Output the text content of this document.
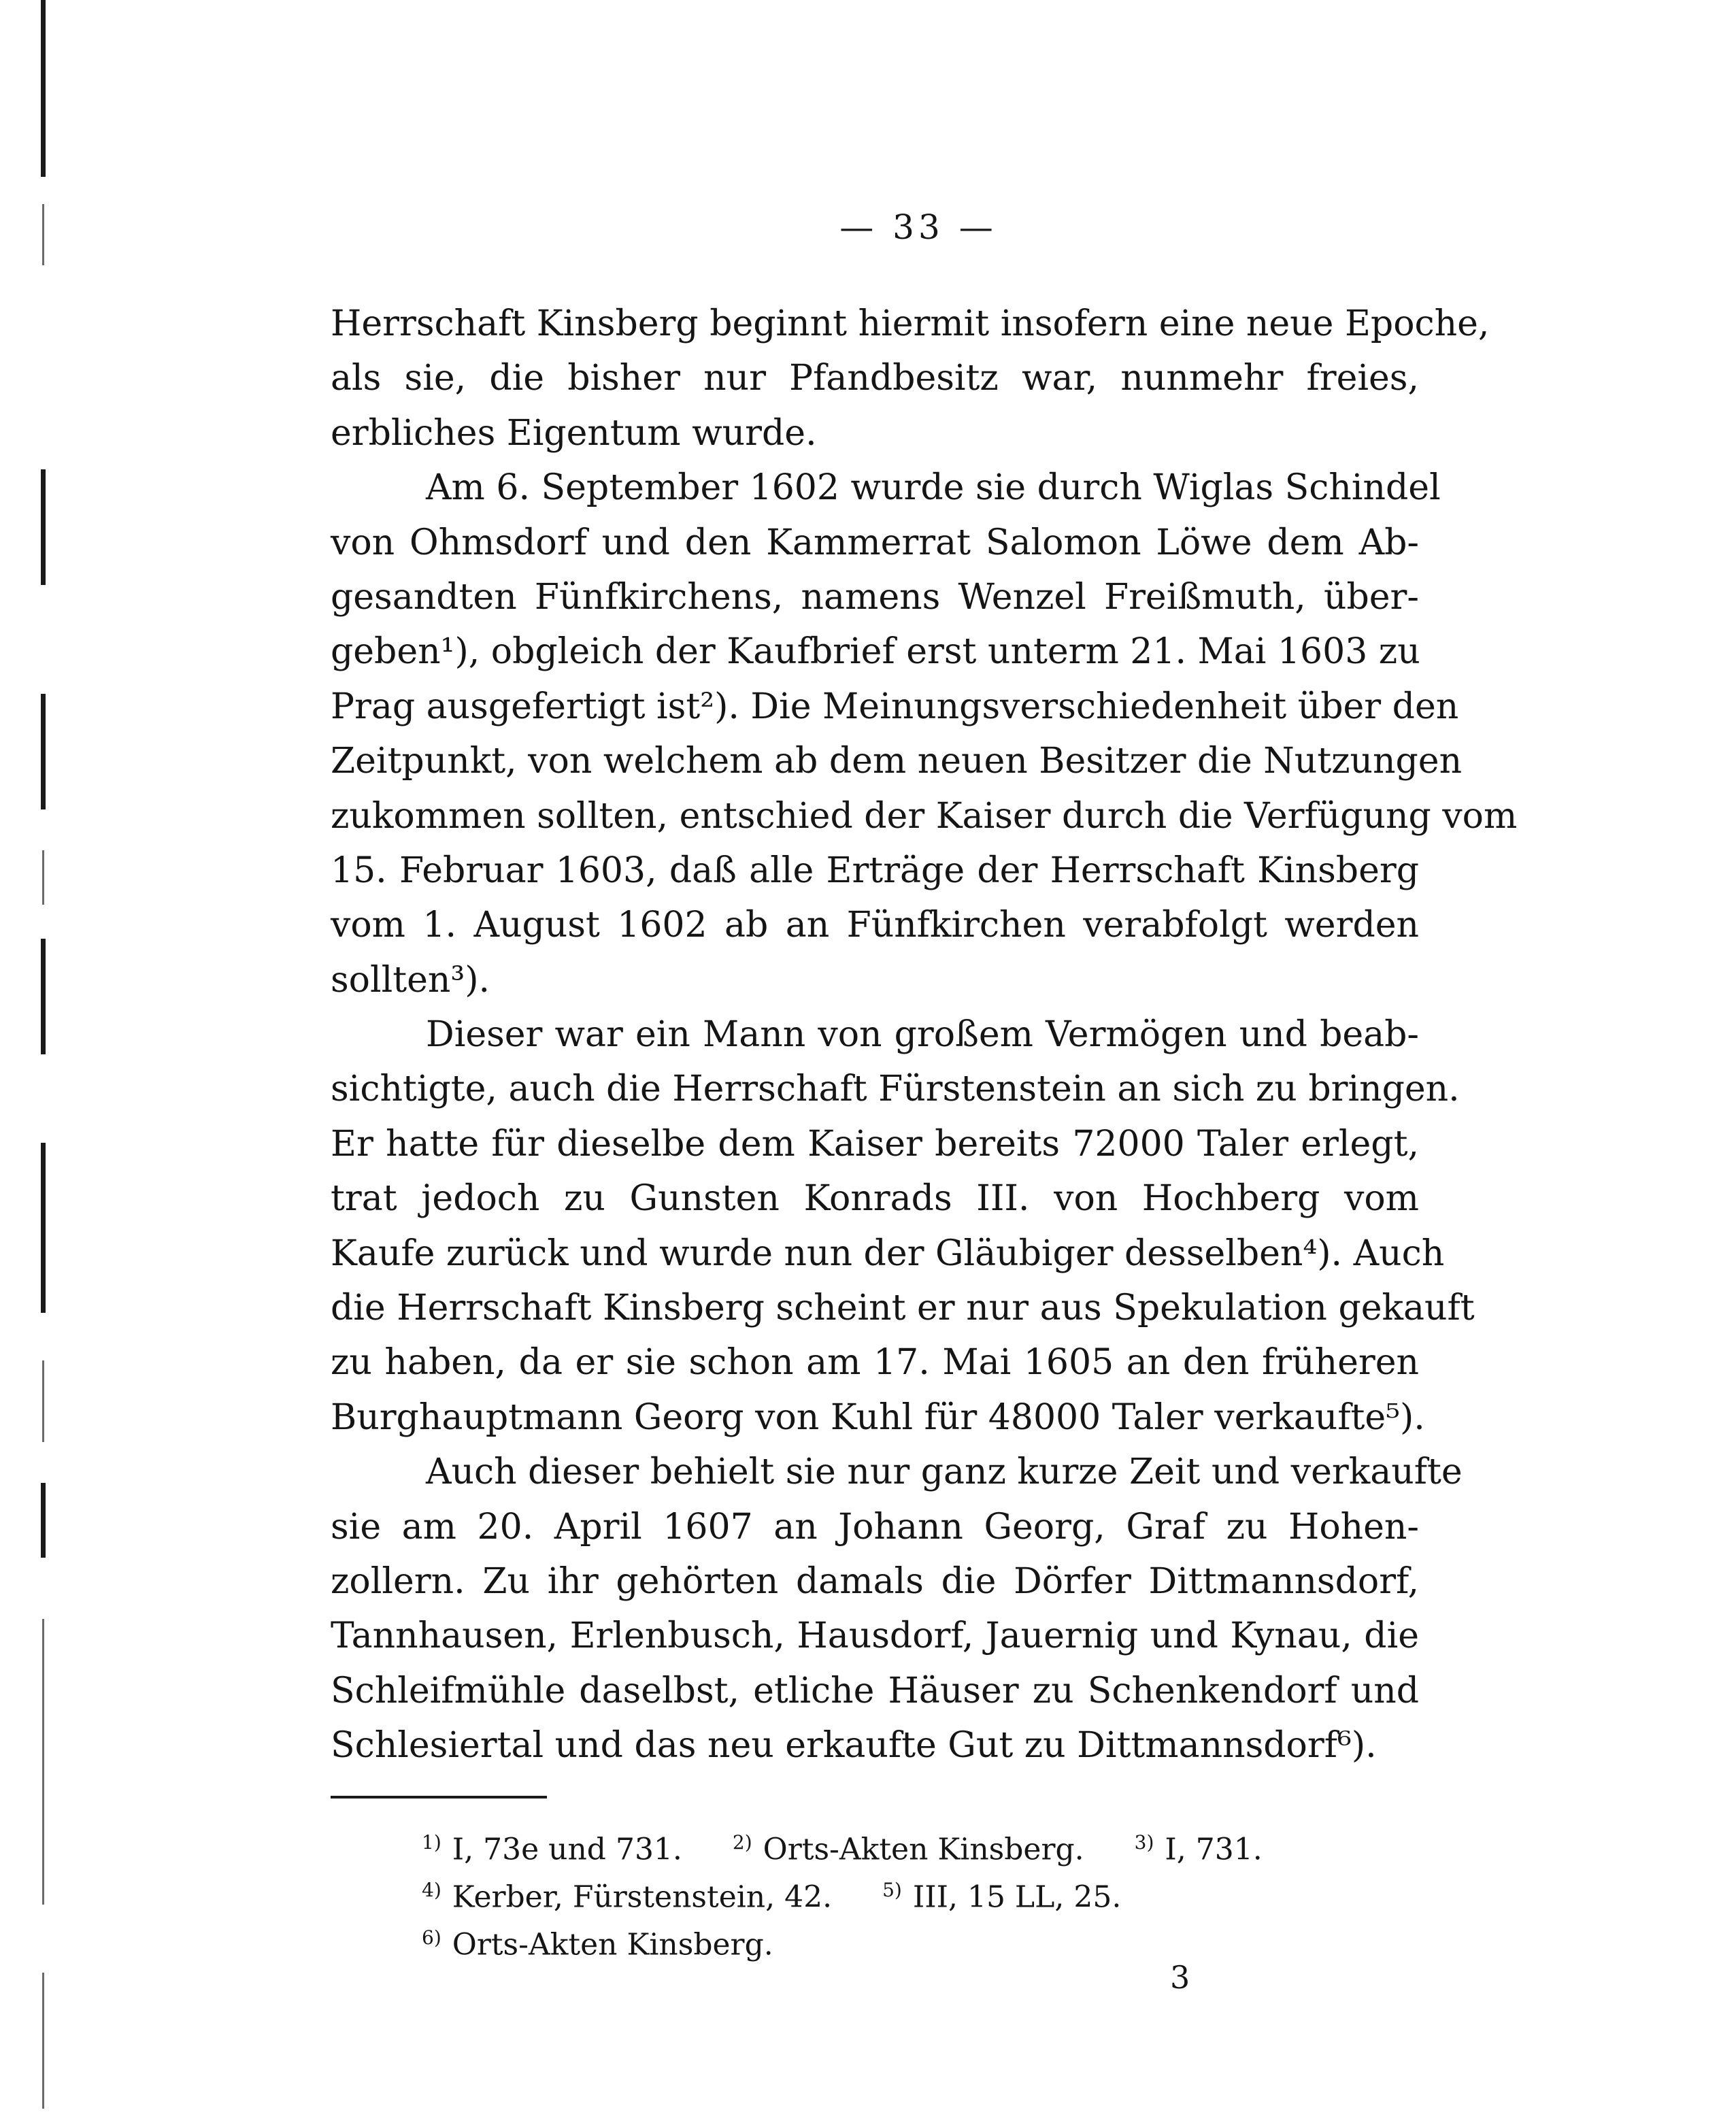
— 33 —
Herrschaft Kinsberg beginnt hiermit insofern eine neue Epoche,
als sie, die bisher nur Pfandbesitz war, nunmehr freies,
erbliches Eigentum wurde.
Am 6. September 1602 wurde sie durch Wiglas Schindel
von Ohmsdorf und den Kammerrat Salomon Löwe dem Ab-
gesandten Fünfkirchens, namens Wenzel Freißmuth, über-
geben¹), obgleich der Kaufbrief erst unterm 21. Mai 1603 zu
Prag ausgefertigt ist²). Die Meinungsverschiedenheit über den
Zeitpunkt, von welchem ab dem neuen Besitzer die Nutzungen
zukommen sollten, entschied der Kaiser durch die Verfügung vom
15. Februar 1603, daß alle Erträge der Herrschaft Kinsberg
vom 1. August 1602 ab an Fünfkirchen verabfolgt werden
sollten³).
Dieser war ein Mann von großem Vermögen und beab-
sichtigte, auch die Herrschaft Fürstenstein an sich zu bringen.
Er hatte für dieselbe dem Kaiser bereits 72000 Taler erlegt,
trat jedoch zu Gunsten Konrads III. von Hochberg vom
Kaufe zurück und wurde nun der Gläubiger desselben⁴). Auch
die Herrschaft Kinsberg scheint er nur aus Spekulation gekauft
zu haben, da er sie schon am 17. Mai 1605 an den früheren
Burghauptmann Georg von Kuhl für 48000 Taler verkaufte⁵).
Auch dieser behielt sie nur ganz kurze Zeit und verkaufte
sie am 20. April 1607 an Johann Georg, Graf zu Hohen-
zollern. Zu ihr gehörten damals die Dörfer Dittmannsdorf,
Tannhausen, Erlenbusch, Hausdorf, Jauernig und Kynau, die
Schleifmühle daselbst, etliche Häuser zu Schenkendorf und
Schlesiertal und das neu erkaufte Gut zu Dittmannsdorf⁶).
$^{1)}$ I, 73e und 731.	$^{2)}$ Orts-Akten Kinsberg.	$^{3)}$ I, 731.
$^{4)}$ Kerber, Fürstenstein, 42.	$^{5)}$ III, 15 LL, 25.
$^{6)}$ Orts-Akten Kinsberg.
3
